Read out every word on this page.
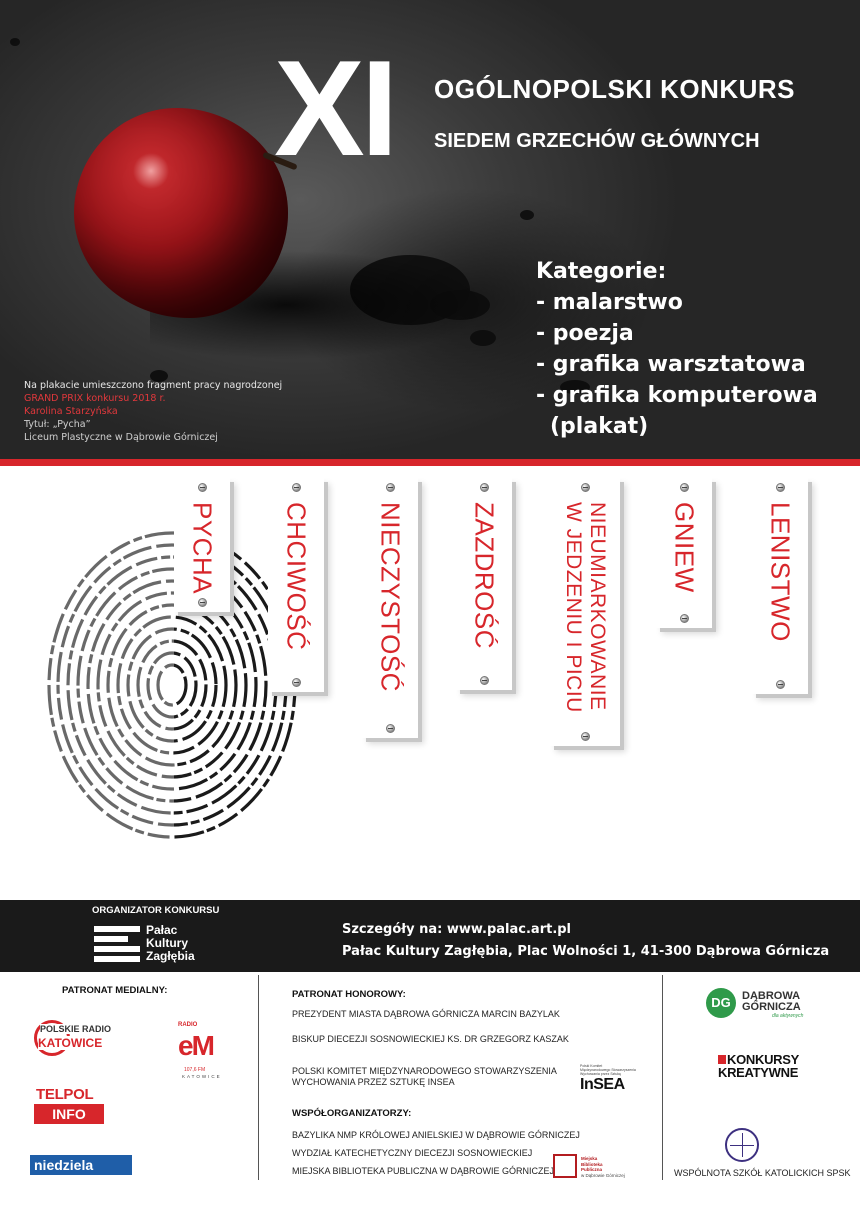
XI OGÓLNOPOLSKI KONKURS
SIEDEM GRZECHÓW GŁÓWNYCH
Kategorie:
- malarstwo
- poezja
- grafika warsztatowa
- grafika komputerowa
(plakat)
Na plakacie umieszczono fragment pracy nagrodzonej
GRAND PRIX konkursu 2018 r.
Karolina Starzyńska
Tytuł: „Pycha”
Liceum Plastyczne w Dąbrowie Górniczej
PYCHA CHCIWOŚĆ NIECZYSTOŚĆ ZAZDROŚĆ	NIEUMIARKOWANIE
W JEDZENIU I PICIU
GNIEW	LENISTWO
ORGANIZATOR KONKURSU
Pałac
Kultury
Zagłębia
Szczegóły na: www.palac.art.pl
Pałac Kultury Zagłębia, Plac Wolności 1, 41-300 Dąbrowa Górnicza
PATRONAT MEDIALNY:
POLSKIE RADIO
KATOWICE
RADIO
eM
107,6 FM
KATOWICE
TELPOL
INFO
niedziela
PATRONAT HONOROWY:
PREZYDENT MIASTA DĄBROWA GÓRNICZA MARCIN BAZYLAK
BISKUP DIECEZJI SOSNOWIECKIEJ KS. DR GRZEGORZ KASZAK
POLSKI KOMITET MIĘDZYNARODOWEGO STOWARZYSZENIA
WYCHOWANIA PRZEZ SZTUKĘ INSEA
Polski Komitet
Międzynarodowego Stowarzyszenia
Wychowania przez Sztukę
InSEA
WSPÓŁORGANIZATORZY:
BAZYLIKA NMP KRÓLOWEJ ANIELSKIEJ W DĄBROWIE GÓRNICZEJ
WYDZIAŁ KATECHETYCZNY DIECEZJI SOSNOWIECKIEJ
MIEJSKA BIBLIOTEKA PUBLICZNA W DĄBROWIE GÓRNICZEJ
Miejska
Biblioteka
Publiczna
w Dąbrowie Górniczej
DG	DĄBROWA
GÓRNICZA
dla aktywnych
KONKURSY
KREATYWNE
WSPÓLNOTA SZKÓŁ KATOLICKICH SPSK
